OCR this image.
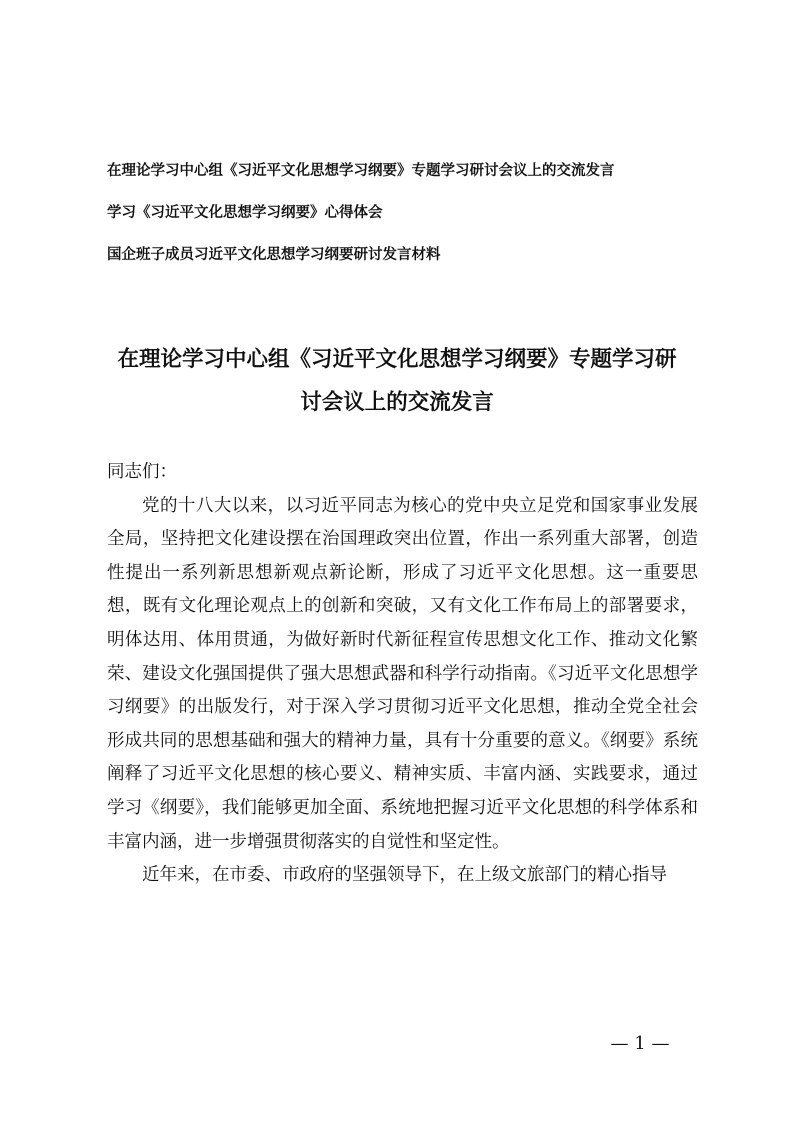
在理论学习中心组《习近平文化思想学习纲要》专题学习研讨会议上的交流发言
学习《习近平文化思想学习纲要》心得体会
国企班子成员习近平文化思想学习纲要研讨发言材料
在理论学习中心组《习近平文化思想学习纲要》专题学习研讨会议上的交流发言

同志们：

党的十八大以来，以习近平同志为核心的党中央立足党和国家事业发展全局，坚持把文化建设摆在治国理政突出位置，作出一系列重大部署，创造性提出一系列新思想新观点新论断，形成了习近平文化思想。这一重要思想，既有文化理论观点上的创新和突破，又有文化工作布局上的部署要求，明体达用、体用贯通，为做好新时代新征程宣传思想文化工作、推动文化繁荣、建设文化强国提供了强大思想武器和科学行动指南。《习近平文化思想学习纲要》的出版发行，对于深入学习贯彻习近平文化思想，推动全党全社会形成共同的思想基础和强大的精神力量，具有十分重要的意义。《纲要》系统阐释了习近平文化思想的核心要义、精神实质、丰富内涵、实践要求，通过学习《纲要》，我们能够更加全面、系统地把握习近平文化思想的科学体系和丰富内涵，进一步增强贯彻落实的自觉性和坚定性。

近年来，在市委、市政府的坚强领导下，在上级文旅部门的精心指导

— 1 —
